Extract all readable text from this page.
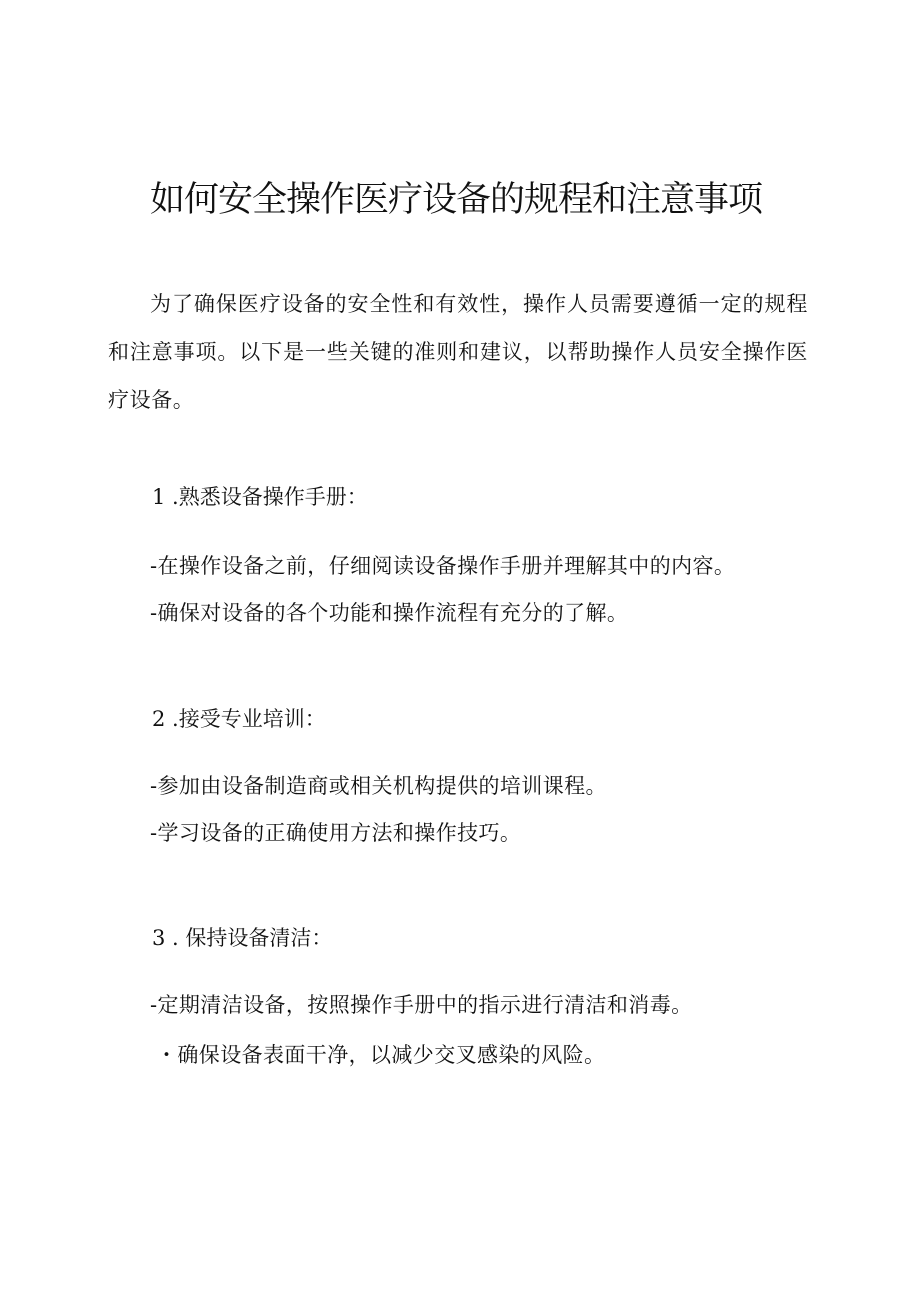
如何安全操作医疗设备的规程和注意事项

为了确保医疗设备的安全性和有效性，操作人员需要遵循一定的规程和注意事项。以下是一些关键的准则和建议，以帮助操作人员安全操作医疗设备。

1 .熟悉设备操作手册：

-在操作设备之前，仔细阅读设备操作手册并理解其中的内容。

-确保对设备的各个功能和操作流程有充分的了解。

2 .接受专业培训：

-参加由设备制造商或相关机构提供的培训课程。

-学习设备的正确使用方法和操作技巧。

3 . 保持设备清洁：

-定期清洁设备，按照操作手册中的指示进行清洁和消毒。

・确保设备表面干净，以减少交叉感染的风险。
